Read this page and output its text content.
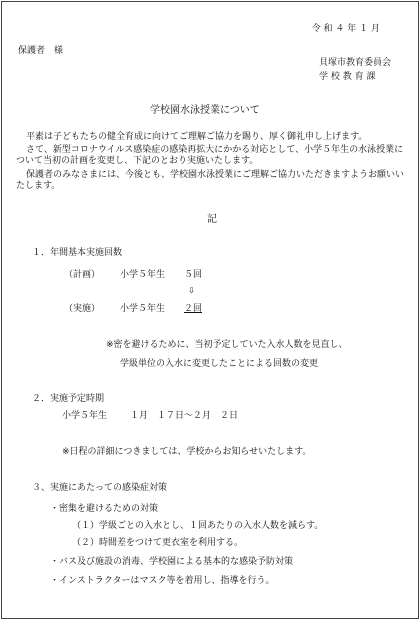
令 和 ４ 年 １ 月
保護者　様
貝塚市教育委員会
学 校 教 育 課
学校園水泳授業について
平素は子どもたちの健全育成に向けてご理解ご協力を賜り、厚く御礼申し上げます。
さて、新型コロナウイルス感染症の感染再拡大にかかる対応として、小学５年生の水泳授業について当初の計画を変更し、下記のとおり実施いたします。
保護者のみなさまには、今後とも、学校園水泳授業にご理解ご協力いただきますようお願いいたします。
記
１．年間基本実施回数
（計画） 小学５年生 ５回
⇩
（実施） 小学５年生 ２回
※密を避けるために、当初予定していた入水人数を見直し、
学級単位の入水に変更したことによる回数の変更
２．実施予定時期
小学５年生	１月　１７日～２月　２日
※日程の詳細につきましては、学校からお知らせいたします。
３、実施にあたっての感染症対策
・密集を避けるための対策
（１）学級ごとの入水とし、１回あたりの入水人数を減らす。
（２）時間差をつけて更衣室を利用する。
・バス及び施設の消毒、学校園による基本的な感染予防対策
・インストラクターはマスク等を着用し、指導を行う。
